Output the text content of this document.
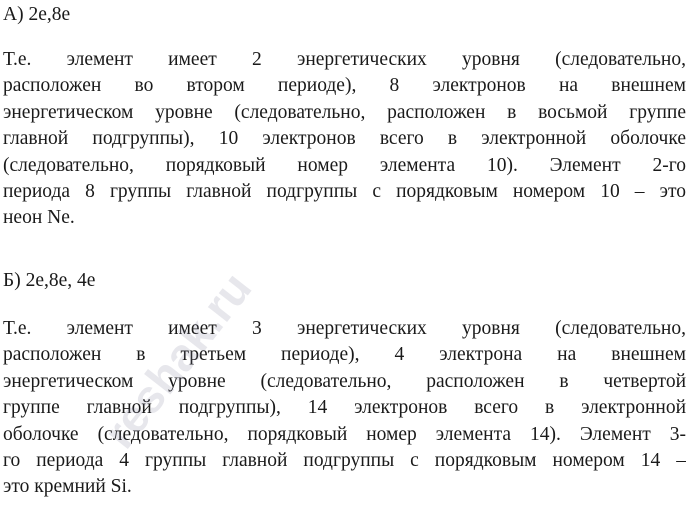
А) 2е,8е
Т.е. элемент имеет 2 энергетических уровня (следовательно,
расположен во втором периоде), 8 электронов на внешнем
энергетическом уровне (следовательно, расположен в восьмой группе
главной подгруппы), 10 электронов всего в электронной оболочке
(следовательно, порядковый номер элемента 10). Элемент 2-го
периода 8 группы главной подгруппы с порядковым номером 10 – это
неон Ne.
Б) 2е,8е, 4е
Т.е. элемент имеет 3 энергетических уровня (следовательно,
расположен в третьем периоде), 4 электрона на внешнем
энергетическом уровне (следовательно, расположен в четвертой
группе главной подгруппы), 14 электронов всего в электронной
оболочке (следовательно, порядковый номер элемента 14). Элемент 3-
го периода 4 группы главной подгруппы с порядковым номером 14 –
это кремний Si.
reshak.ru
